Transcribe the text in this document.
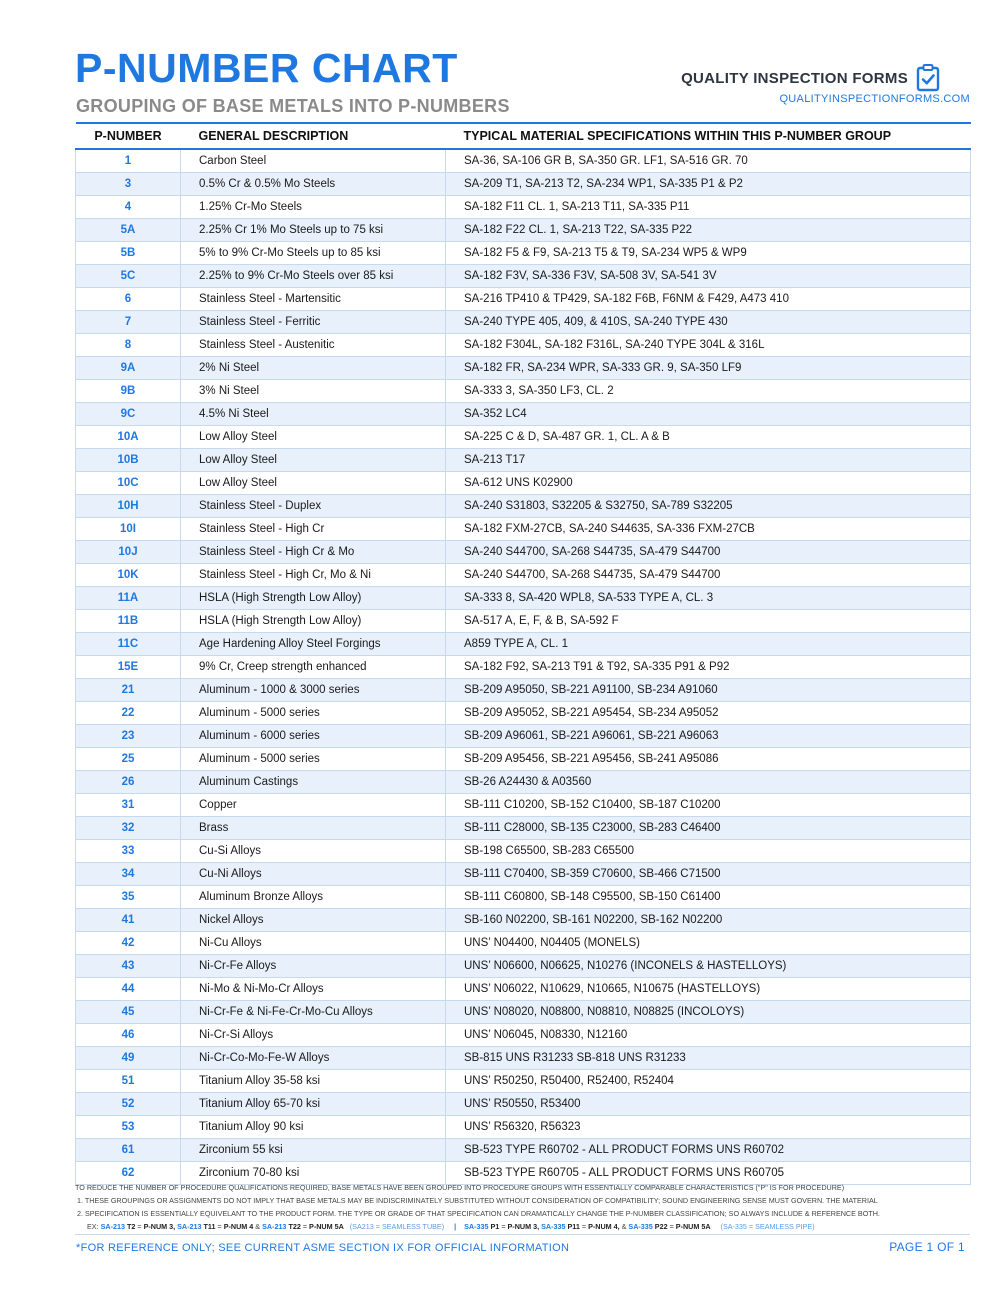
P-NUMBER CHART
GROUPING OF BASE METALS INTO P-NUMBERS
QUALITY INSPECTION FORMS
QUALITYINSPECTIONFORMS.COM
P-NUMBER	GENERAL DESCRIPTION	TYPICAL MATERIAL SPECIFICATIONS WITHIN THIS P-NUMBER GROUP
1	Carbon Steel	SA-36, SA-106 GR B, SA-350 GR. LF1, SA-516 GR. 70
3	0.5% Cr & 0.5% Mo Steels	SA-209 T1, SA-213 T2, SA-234 WP1, SA-335 P1 & P2
4	1.25% Cr-Mo Steels	SA-182 F11 CL. 1, SA-213 T11, SA-335 P11
5A	2.25% Cr 1% Mo Steels up to 75 ksi	SA-182 F22 CL. 1, SA-213 T22, SA-335 P22
5B	5% to 9% Cr-Mo Steels up to 85 ksi	SA-182 F5 & F9, SA-213 T5 & T9, SA-234 WP5 & WP9
5C	2.25% to 9% Cr-Mo Steels over 85 ksi	SA-182 F3V, SA-336 F3V, SA-508 3V, SA-541 3V
6	Stainless Steel - Martensitic	SA-216 TP410 & TP429, SA-182 F6B, F6NM & F429, A473 410
7	Stainless Steel - Ferritic	SA-240 TYPE 405, 409, & 410S, SA-240 TYPE 430
8	Stainless Steel - Austenitic	SA-182 F304L, SA-182 F316L, SA-240 TYPE 304L & 316L
9A	2% Ni Steel	SA-182 FR, SA-234 WPR, SA-333 GR. 9, SA-350 LF9
9B	3% Ni Steel	SA-333 3, SA-350 LF3, CL. 2
9C	4.5% Ni Steel	SA-352 LC4
10A	Low Alloy Steel	SA-225 C & D, SA-487 GR. 1, CL. A & B
10B	Low Alloy Steel	SA-213 T17
10C	Low Alloy Steel	SA-612 UNS K02900
10H	Stainless Steel - Duplex	SA-240 S31803, S32205 & S32750, SA-789 S32205
10I	Stainless Steel - High Cr	SA-182 FXM-27CB, SA-240 S44635, SA-336 FXM-27CB
10J	Stainless Steel - High Cr & Mo	SA-240 S44700, SA-268 S44735, SA-479 S44700
10K	Stainless Steel - High Cr, Mo & Ni	SA-240 S44700, SA-268 S44735, SA-479 S44700
11A	HSLA (High Strength Low Alloy)	SA-333 8, SA-420 WPL8, SA-533 TYPE A, CL. 3
11B	HSLA (High Strength Low Alloy)	SA-517 A, E, F, & B, SA-592 F
11C	Age Hardening Alloy Steel Forgings	A859 TYPE A, CL. 1
15E	9% Cr, Creep strength enhanced	SA-182 F92, SA-213 T91 & T92, SA-335 P91 & P92
21	Aluminum - 1000 & 3000 series	SB-209 A95050, SB-221 A91100, SB-234 A91060
22	Aluminum - 5000 series	SB-209 A95052, SB-221 A95454, SB-234 A95052
23	Aluminum - 6000 series	SB-209 A96061, SB-221 A96061, SB-221 A96063
25	Aluminum - 5000 series	SB-209 A95456, SB-221 A95456, SB-241 A95086
26	Aluminum Castings	SB-26 A24430 & A03560
31	Copper	SB-111 C10200, SB-152 C10400, SB-187 C10200
32	Brass	SB-111 C28000, SB-135 C23000, SB-283 C46400
33	Cu-Si Alloys	SB-198 C65500, SB-283 C65500
34	Cu-Ni Alloys	SB-111 C70400, SB-359 C70600, SB-466 C71500
35	Aluminum Bronze Alloys	SB-111 C60800, SB-148 C95500, SB-150 C61400
41	Nickel Alloys	SB-160 N02200, SB-161 N02200, SB-162 N02200
42	Ni-Cu Alloys	UNS’ N04400, N04405 (MONELS)
43	Ni-Cr-Fe Alloys	UNS’ N06600, N06625, N10276 (INCONELS & HASTELLOYS)
44	Ni-Mo & Ni-Mo-Cr Alloys	UNS’ N06022, N10629, N10665, N10675 (HASTELLOYS)
45	Ni-Cr-Fe & Ni-Fe-Cr-Mo-Cu Alloys	UNS’ N08020, N08800, N08810, N08825 (INCOLOYS)
46	Ni-Cr-Si Alloys	UNS’ N06045, N08330, N12160
49	Ni-Cr-Co-Mo-Fe-W Alloys	SB-815 UNS R31233 SB-818 UNS R31233
51	Titanium Alloy 35-58 ksi	UNS’ R50250, R50400, R52400, R52404
52	Titanium Alloy 65-70 ksi	UNS’ R50550, R53400
53	Titanium Alloy 90 ksi	UNS’ R56320, R56323
61	Zirconium 55 ksi	SB-523 TYPE R60702 - ALL PRODUCT FORMS UNS R60702
62	Zirconium 70-80 ksi	SB-523 TYPE R60705 - ALL PRODUCT FORMS UNS R60705
TO REDUCE THE NUMBER OF PROCEDURE QUALIFICATIONS REQUIRED, BASE METALS HAVE BEEN GROUPED INTO PROCEDURE GROUPS WITH ESSENTIALLY COMPARABLE CHARACTERISTICS ("P" IS FOR PROCEDURE)
1. THESE GROUPINGS OR ASSIGNMENTS DO NOT IMPLY THAT BASE METALS MAY BE INDISCRIMINATELY SUBSTITUTED WITHOUT CONSIDERATION OF COMPATIBILITY; SOUND ENGINEERING SENSE MUST GOVERN. THE MATERIAL
2. SPECIFICATION IS ESSENTIALLY EQUIVELANT TO THE PRODUCT FORM. THE TYPE OR GRADE OF THAT SPECIFICATION CAN DRAMATICALLY CHANGE THE P-NUMBER CLASSIFICATION; SO ALWAYS INCLUDE & REFERENCE BOTH.
EX: SA-213 T2 = P-NUM 3, SA-213 T11 = P-NUM 4 & SA-213 T22 = P-NUM 5A (SA213 = SEAMLESS TUBE) | SA-335 P1 = P-NUM 3, SA-335 P11 = P-NUM 4, & SA-335 P22 = P-NUM 5A (SA-335 = SEAMLESS PIPE)
*FOR REFERENCE ONLY; SEE CURRENT ASME SECTION IX FOR OFFICIAL INFORMATION	PAGE 1 OF 1
